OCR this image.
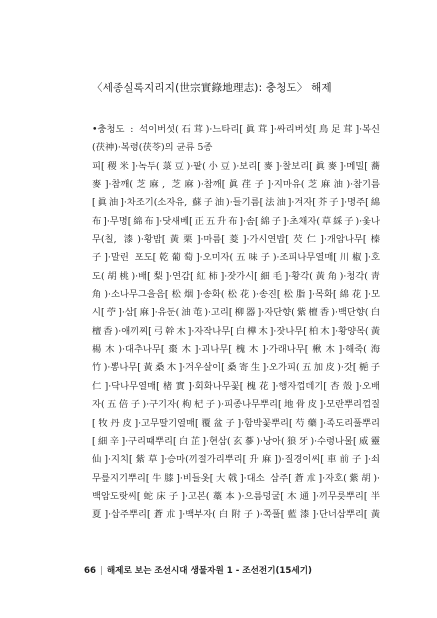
〈세종실록지리지(世宗實錄地理志): 충청도〉 해제
•충청도 : 석이버섯(石茸)·느타리[眞茸]·싸리버섯[鳥足茸]·복신
(茯神)·복령(茯苓)의 균류 5종
피[稷米]·녹두(菉豆)·팥(小豆)·보리[麥]·찰보리[眞麥]·메밀[蕎
麥]·참깨(芝麻, 芝麻)·참깨[眞荏子]·지마유(芝麻油)·참기름
[眞油]·차조기(소자유, 蘇子油)·들기름[法油]·겨자[芥子]·명주[綿
布]·무명[綿布]·닷새베[正五升布]·솜[綿子]·초채자(草綵子)·옻나
무(칠, 漆)·황밤[黃栗]·마름[菱]·가시연밥[芡仁]·개암나무[榛
子]·말린 포도[乾葡萄]·오미자(五味子)·조피나무열매[川椒]·호
도(胡桃)·배[梨]·연감[紅柿]·잣가시[細毛]·황각(黃角)·청각(靑
角)·소나무그을음[松烟]·송화(松花)·송진[松脂]·목화[綿花]·모
시[苧]·삼[麻]·유둔(油芚)·고리[柳器]·자단향(紫檀香)·백단향(白
檀香)·애끼찌[弓幹木]·자작나무[白樺木]·잣나무[柏木]·황양목(黃
楊木)·대추나무[棗木]·괴나무[槐木]·가래나무[楸木]·해죽(海
竹)·뽕나무[黃桑木]·겨우살이[桑寄生]·오가피(五加皮)·갓[梔子
仁]·닥나무열매[楮實]·회화나무꽃[槐花]·행자껍데기[杏殼]·오배
자(五倍子)·구기자(枸杞子)·피종나무뿌리[地骨皮]·모란뿌리껍질
[牧丹皮]·고무딸기열매[覆盆子]·함박꽃뿌리[芍藥]·족도리풀뿌리
[細辛]·구리때뿌리[白芷]·현삼(玄蔘)·낭아(狼牙)·수령나물[威靈
仙]·지치[紫草]·승마(끼절가리뿌리[升麻])·질경이씨[車前子]·쇠
무릎지기뿌리[牛膝]·비들옷[大戟]·대소 삼주[蒼朮]·자호(紫胡)·
백암도랏씨[蛇床子]·고본(藁本)·으름덩굴[木通]·끼무릇뿌리[半
夏]·삽주뿌리[蒼朮]·백부자(白附子)·쪽풀[藍漆]·단너삼뿌리[黃
66 | 해제로 보는 조선시대 생물자원 1 - 조선전기(15세기)
